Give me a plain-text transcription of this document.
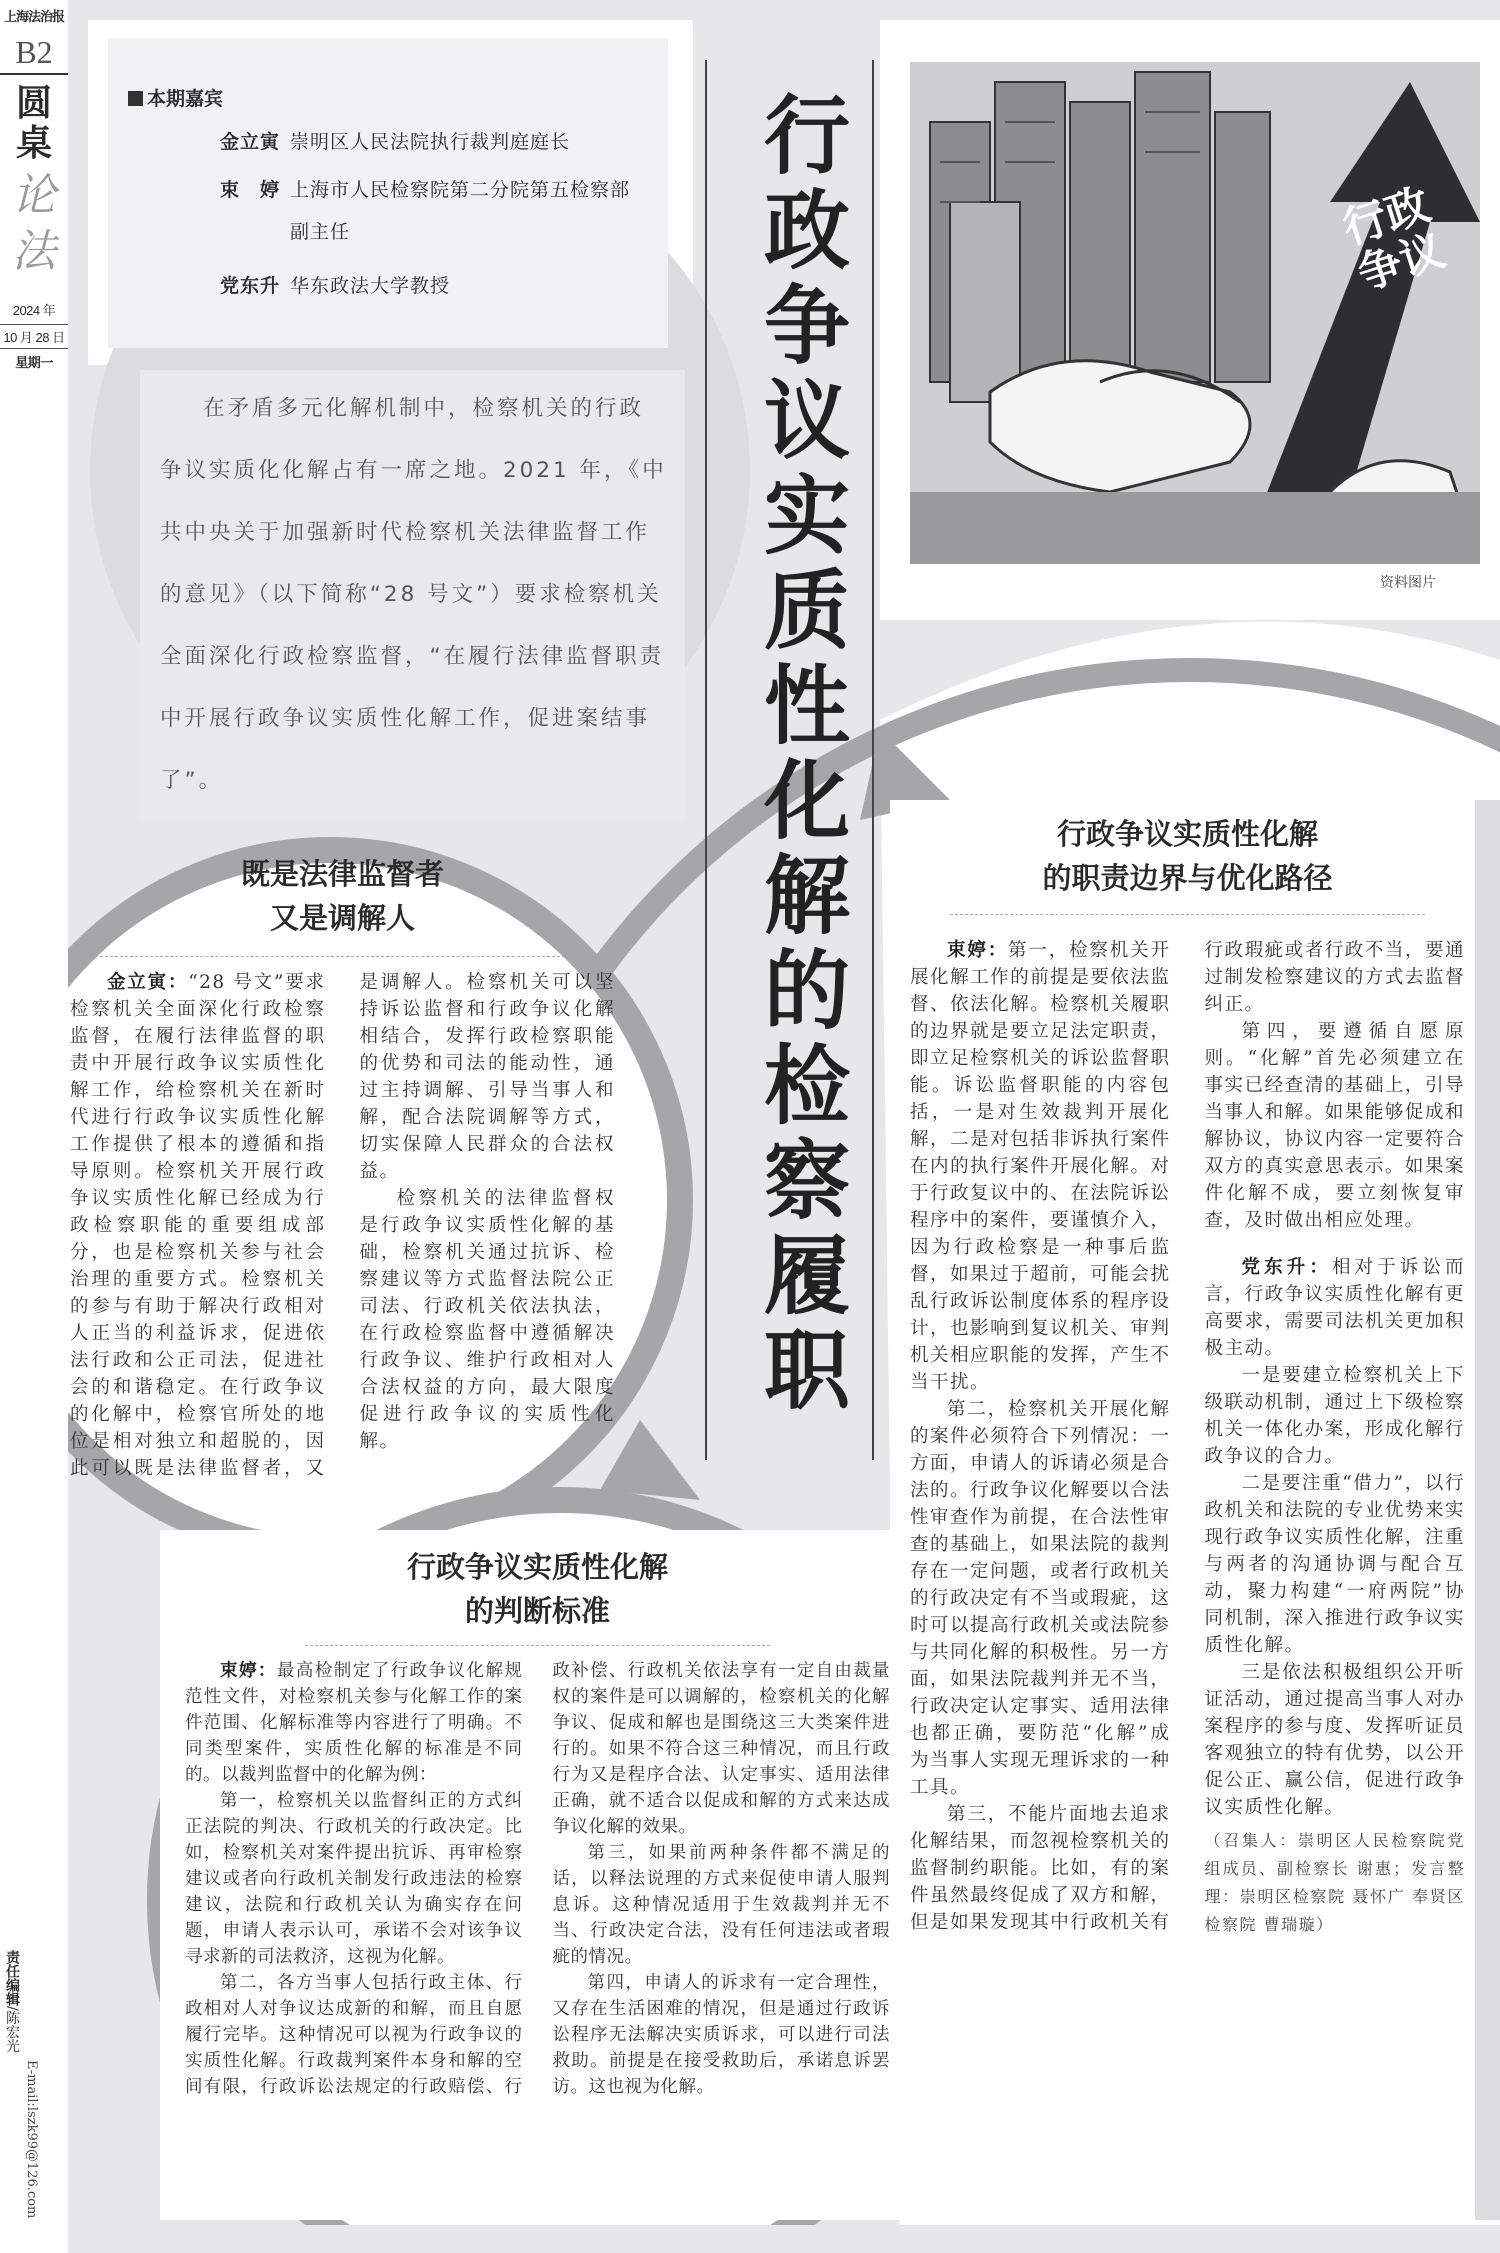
上海法治报
B2
圆桌
论法
2024 年
10 月 28 日
星期一
责任编辑/陈宏光
E-mail:lszk99@126.com
本期嘉宾
金立寅 崇明区人民法院执行裁判庭庭长
束　婷 上海市人民检察院第二分院第五检察部副主任
党东升 华东政法大学教授

在矛盾多元化解机制中，检察机关的行政争议实质化化解占有一席之地。2021 年，《中共中央关于加强新时代检察机关法律监督工作的意见》（以下简称“28 号文”）要求检察机关全面深化行政检察监督，“在履行法律监督职责中开展行政争议实质性化解工作，促进案结事了”。	行政争议实质性化解的检察履职	行政争议
资料图片
既是法律监督者
又是调解人

金立寅：“28 号文”要求检察机关全面深化行政检察监督，在履行法律监督的职责中开展行政争议实质性化解工作，给检察机关在新时代进行行政争议实质性化解工作提供了根本的遵循和指导原则。检察机关开展行政争议实质性化解已经成为行政检察职能的重要组成部分，也是检察机关参与社会治理的重要方式。检察机关的参与有助于解决行政相对人正当的利益诉求，促进依法行政和公正司法，促进社会的和谐稳定。在行政争议的化解中，检察官所处的地位是相对独立和超脱的，因此可以既是法律监督者，又是调解人。检察机关可以坚持诉讼监督和行政争议化解相结合，发挥行政检察职能的优势和司法的能动性，通过主持调解、引导当事人和解，配合法院调解等方式，切实保障人民群众的合法权益。

检察机关的法律监督权是行政争议实质性化解的基础，检察机关通过抗诉、检察建议等方式监督法院公正司法、行政机关依法执法，在行政检察监督中遵循解决行政争议、维护行政相对人合法权益的方向，最大限度促进行政争议的实质性化解。

行政争议实质性化解
的判断标准

束婷：最高检制定了行政争议化解规范性文件，对检察机关参与化解工作的案件范围、化解标准等内容进行了明确。不同类型案件，实质性化解的标准是不同的。以裁判监督中的化解为例：

第一，检察机关以监督纠正的方式纠正法院的判决、行政机关的行政决定。比如，检察机关对案件提出抗诉、再审检察建议或者向行政机关制发行政违法的检察建议，法院和行政机关认为确实存在问题，申请人表示认可，承诺不会对该争议寻求新的司法救济，这视为化解。

第二，各方当事人包括行政主体、行政相对人对争议达成新的和解，而且自愿履行完毕。这种情况可以视为行政争议的实质性化解。行政裁判案件本身和解的空间有限，行政诉讼法规定的行政赔偿、行政补偿、行政机关依法享有一定自由裁量权的案件是可以调解的，检察机关的化解争议、促成和解也是围绕这三大类案件进行的。如果不符合这三种情况，而且行政行为又是程序合法、认定事实、适用法律正确，就不适合以促成和解的方式来达成争议化解的效果。

第三，如果前两种条件都不满足的话，以释法说理的方式来促使申请人服判息诉。这种情况适用于生效裁判并无不当、行政决定合法，没有任何违法或者瑕疵的情况。

第四，申请人的诉求有一定合理性，又存在生活困难的情况，但是通过行政诉讼程序无法解决实质诉求，可以进行司法救助。前提是在接受救助后，承诺息诉罢访。这也视为化解。

行政争议实质性化解
的职责边界与优化路径

束婷：第一，检察机关开展化解工作的前提是要依法监督、依法化解。检察机关履职的边界就是要立足法定职责，即立足检察机关的诉讼监督职能。诉讼监督职能的内容包括，一是对生效裁判开展化解，二是对包括非诉执行案件在内的执行案件开展化解。对于行政复议中的、在法院诉讼程序中的案件，要谨慎介入，因为行政检察是一种事后监督，如果过于超前，可能会扰乱行政诉讼制度体系的程序设计，也影响到复议机关、审判机关相应职能的发挥，产生不当干扰。

第二，检察机关开展化解的案件必须符合下列情况：一方面，申请人的诉请必须是合法的。行政争议化解要以合法性审查作为前提，在合法性审查的基础上，如果法院的裁判存在一定问题，或者行政机关的行政决定有不当或瑕疵，这时可以提高行政机关或法院参与共同化解的积极性。另一方面，如果法院裁判并无不当，行政决定认定事实、适用法律也都正确，要防范“化解”成为当事人实现无理诉求的一种工具。

第三，不能片面地去追求化解结果，而忽视检察机关的监督制约职能。比如，有的案件虽然最终促成了双方和解，但是如果发现其中行政机关有行政瑕疵或者行政不当，要通过制发检察建议的方式去监督纠正。

第四，要遵循自愿原则。“化解”首先必须建立在事实已经查清的基础上，引导当事人和解。如果能够促成和解协议，协议内容一定要符合双方的真实意思表示。如果案件化解不成，要立刻恢复审查，及时做出相应处理。

党东升：相对于诉讼而言，行政争议实质性化解有更高要求，需要司法机关更加积极主动。

一是要建立检察机关上下级联动机制，通过上下级检察机关一体化办案，形成化解行政争议的合力。

二是要注重“借力”，以行政机关和法院的专业优势来实现行政争议实质性化解，注重与两者的沟通协调与配合互动，聚力构建“一府两院”协同机制，深入推进行政争议实质性化解。

三是依法积极组织公开听证活动，通过提高当事人对办案程序的参与度、发挥听证员客观独立的特有优势，以公开促公正、赢公信，促进行政争议实质性化解。

（召集人：崇明区人民检察院党组成员、副检察长 谢惠；发言整理：崇明区检察院 聂怀广 奉贤区检察院 曹瑞璇）
